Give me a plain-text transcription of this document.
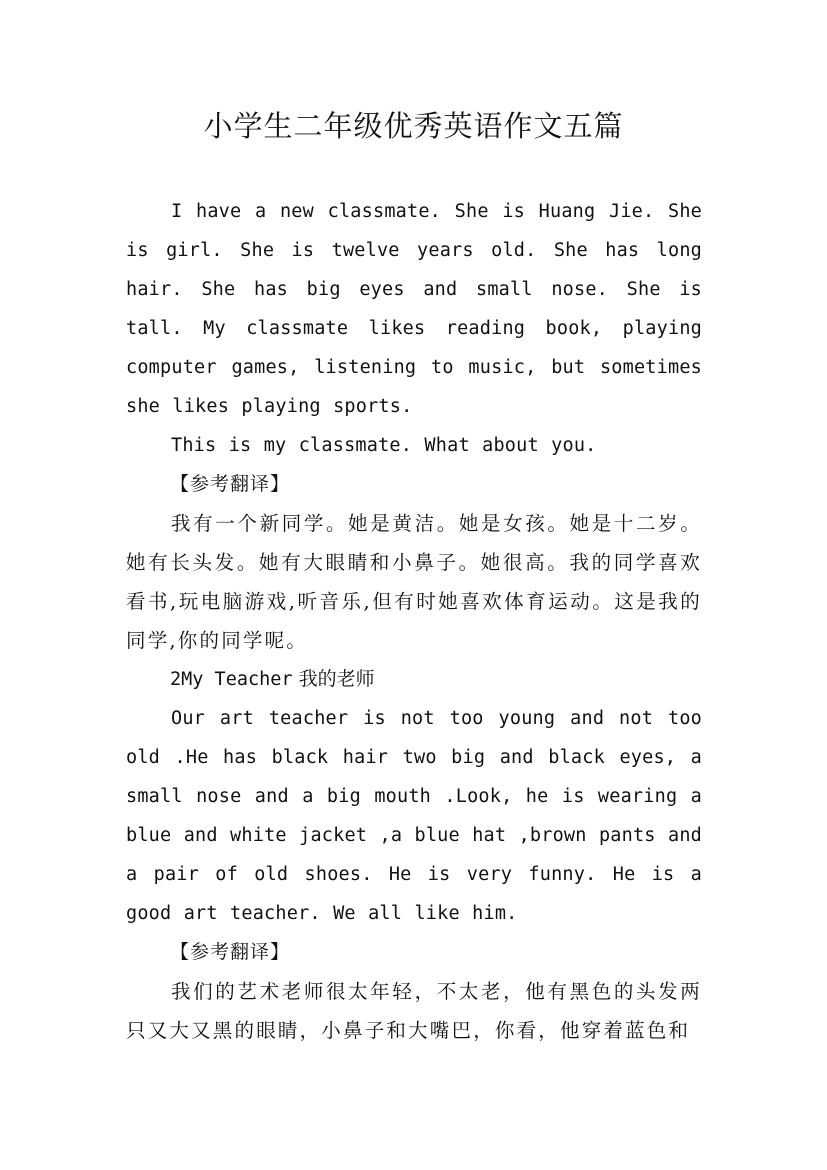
小学生二年级优秀英语作文五篇

I have a new classmate. She is Huang Jie. She is girl. She is twelve years old. She has long hair. She has big eyes and small nose. She is tall. My classmate likes reading book, playing computer games, listening to music, but sometimes she likes playing sports.

This is my classmate. What about you.

【参考翻译】

我有一个新同学。她是黄洁。她是女孩。她是十二岁。她有长头发。她有大眼睛和小鼻子。她很高。我的同学喜欢看书,玩电脑游戏,听音乐,但有时她喜欢体育运动。这是我的同学,你的同学呢。

2My Teacher 我的老师

Our art teacher is not too young and not too old .He has black hair two big and black eyes, a small nose and a big mouth .Look, he is wearing a blue and white jacket ,a blue hat ,brown pants and a pair of old shoes. He is very funny. He is a good art teacher. We all like him.

【参考翻译】

我们的艺术老师很太年轻，不太老，他有黑色的头发两只又大又黑的眼睛，小鼻子和大嘴巴，你看，他穿着蓝色和
